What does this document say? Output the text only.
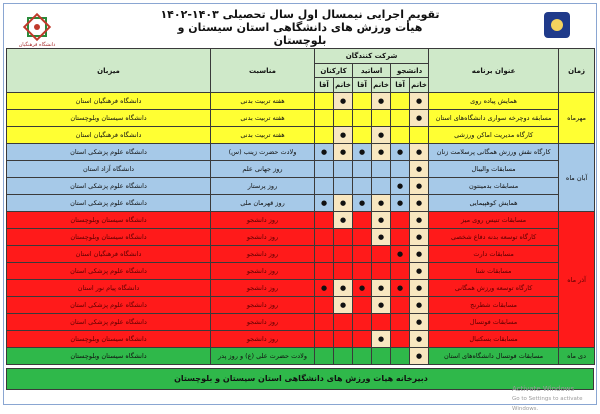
دانشگاه فرهنگیان
تقویم اجرایی نیمسال اول سال تحصیلی ۱۴۰۳-۱۴۰۲ هیأت ورزش های دانشگاهی استان سیستان و بلوچستان
زمان	عنوان برنامه	شرکت کنندگان						مناسبت	میزبان
		دانشجو		اساتید		کارکنان			
		خانم	آقا	خانم	آقا	خانم	آقا		
مهرماه	همایش پیاده روی	●		●		●		هفته تربیت بدنی	دانشگاه فرهنگیان استان
	مسابقه دوچرخه سواری دانشگاه‌های استان	●						هفته تربیت بدنی	دانشگاه سیستان وبلوچستان
	کارگاه مدیریت اماکن ورزشی			●		●		هفته تربیت بدنی	دانشگاه فرهنگیان استان
آبان ماه	کارگاه نقش ورزش همگانی پرسلامت زنان	●	●	●	●	●	●	ولادت حضرت زینب (س)	دانشگاه علوم پزشکی استان
	مسابقات والیبال	●						روز جهانی علم	دانشگاه آزاد استان
	مسابقات بدمینتون	●	●					روز پرستار	دانشگاه علوم پزشکی استان
	همایش کوهپیمایی	●	●	●	●	●	●	روز قهرمان ملی	دانشگاه علوم پزشکی استان
آذر ماه	مسابقات تنیس روی میز	●		●		●		روز دانشجو	دانشگاه سیستان وبلوچستان
	کارگاه توسعه بدنه دفاع شخصی	●		●				روز دانشجو	دانشگاه سیستان وبلوچستان
	مسابقات دارت	●	●					روز دانشجو	دانشگاه فرهنگیان استان
	مسابقات شنا	●						روز دانشجو	دانشگاه علوم پزشکی استان
	کارگاه توسعه ورزش همگانی	●	●	●	●	●	●	روز دانشجو	دانشگاه پیام نور استان
	مسابقات شطرنج	●		●		●		روز دانشجو	دانشگاه علوم پزشکی استان
	مسابقات فوتسال	●						روز دانشجو	دانشگاه علوم پزشکی استان
	مسابقات بسکتبال	●		●				روز دانشجو	دانشگاه سیستان وبلوچستان
دی ماه	مسابقات فوتسال دانشگاه‌های استان	●						ولادت حضرت علی (ع) و روز پدر	دانشگاه سیستان وبلوچستان
دبیرخانه هیات ورزش های دانشگاهی استان سیستان و بلوچستان
Activate Windows
Go to Settings to activate Windows.
